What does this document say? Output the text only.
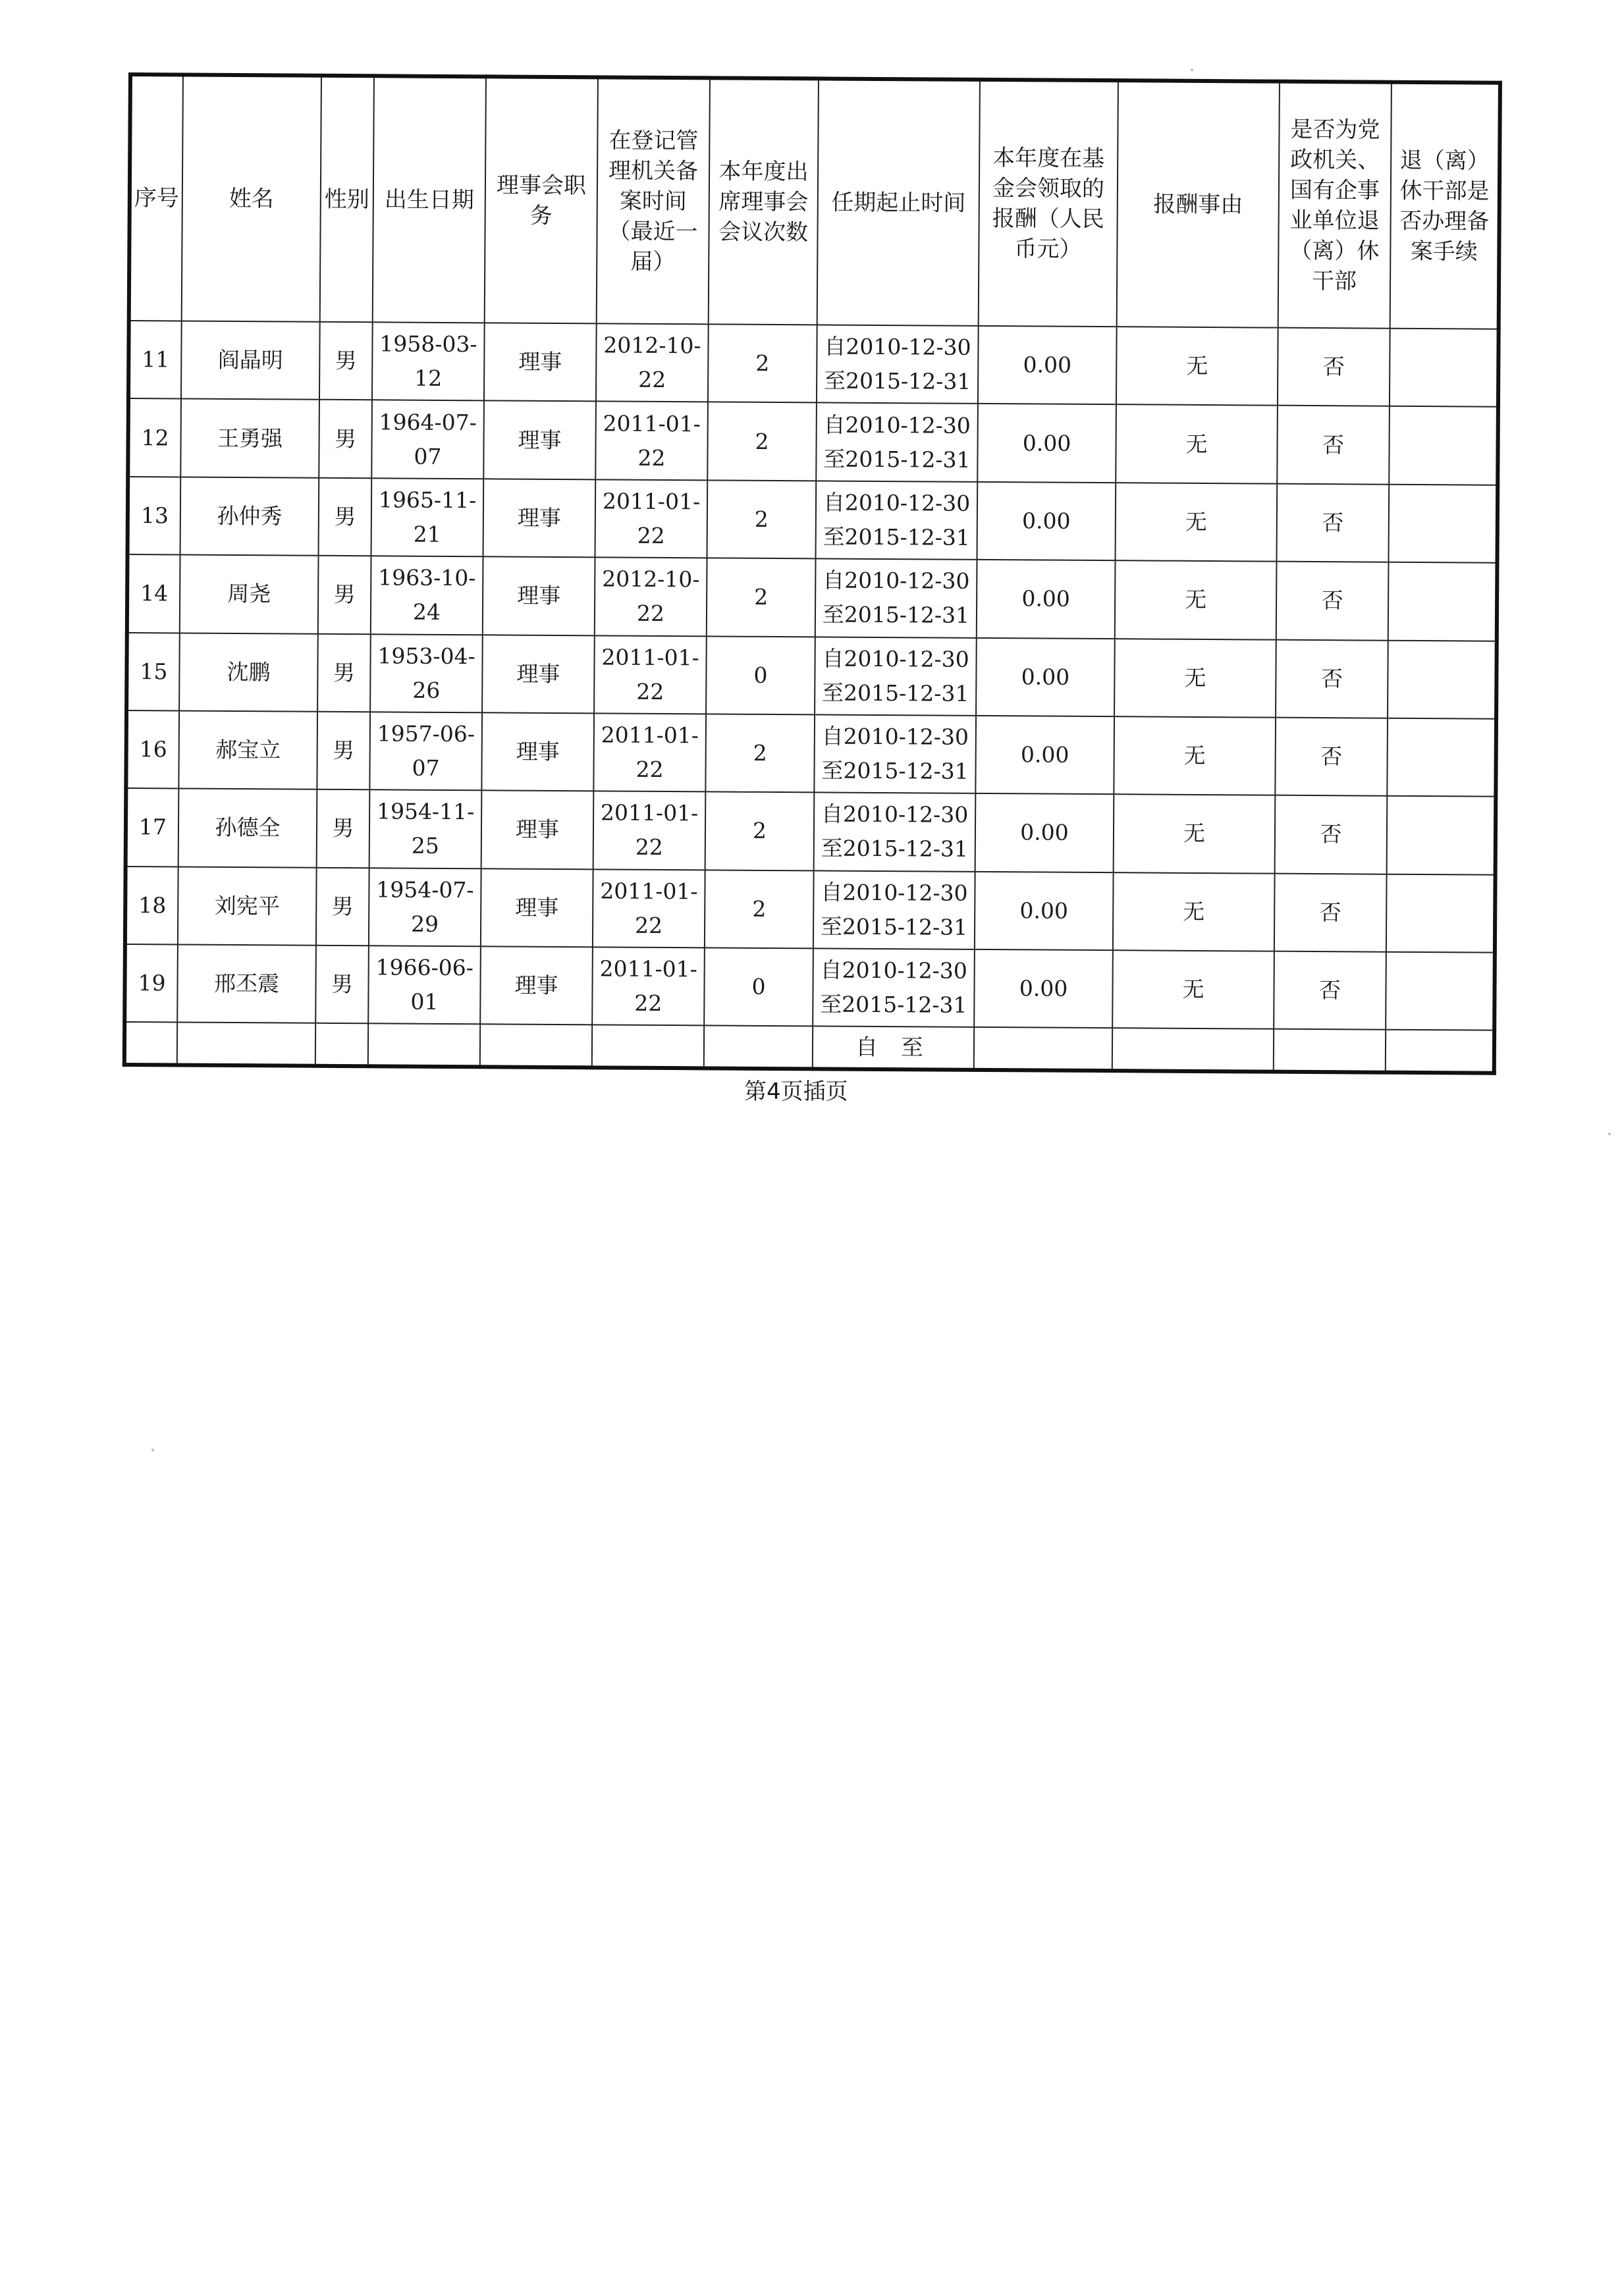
序号	姓名	性别	出生日期	理事会职务	在登记管理机关备案时间（最近一届）	本年度出席理事会会议次数	任期起止时间	本年度在基金会领取的报酬（人民币元）	报酬事由	是否为党政机关、国有企事业单位退（离）休干部	退（离）休干部是否办理备案手续
11	阎晶明	男	1958-03-12	理事	2012-10-22	2	自2010-12-30
至2015-12-31	0.00	无	否	
12	王勇强	男	1964-07-07	理事	2011-01-22	2	自2010-12-30
至2015-12-31	0.00	无	否	
13	孙仲秀	男	1965-11-21	理事	2011-01-22	2	自2010-12-30
至2015-12-31	0.00	无	否	
14	周尧	男	1963-10-24	理事	2012-10-22	2	自2010-12-30
至2015-12-31	0.00	无	否	
15	沈鹏	男	1953-04-26	理事	2011-01-22	0	自2010-12-30
至2015-12-31	0.00	无	否	
16	郝宝立	男	1957-06-07	理事	2011-01-22	2	自2010-12-30
至2015-12-31	0.00	无	否	
17	孙德全	男	1954-11-25	理事	2011-01-22	2	自2010-12-30
至2015-12-31	0.00	无	否	
18	刘宪平	男	1954-07-29	理事	2011-01-22	2	自2010-12-30
至2015-12-31	0.00	无	否	
19	邢丕震	男	1966-06-01	理事	2011-01-22	0	自2010-12-30
至2015-12-31	0.00	无	否	
							自 至				
第4页插页
